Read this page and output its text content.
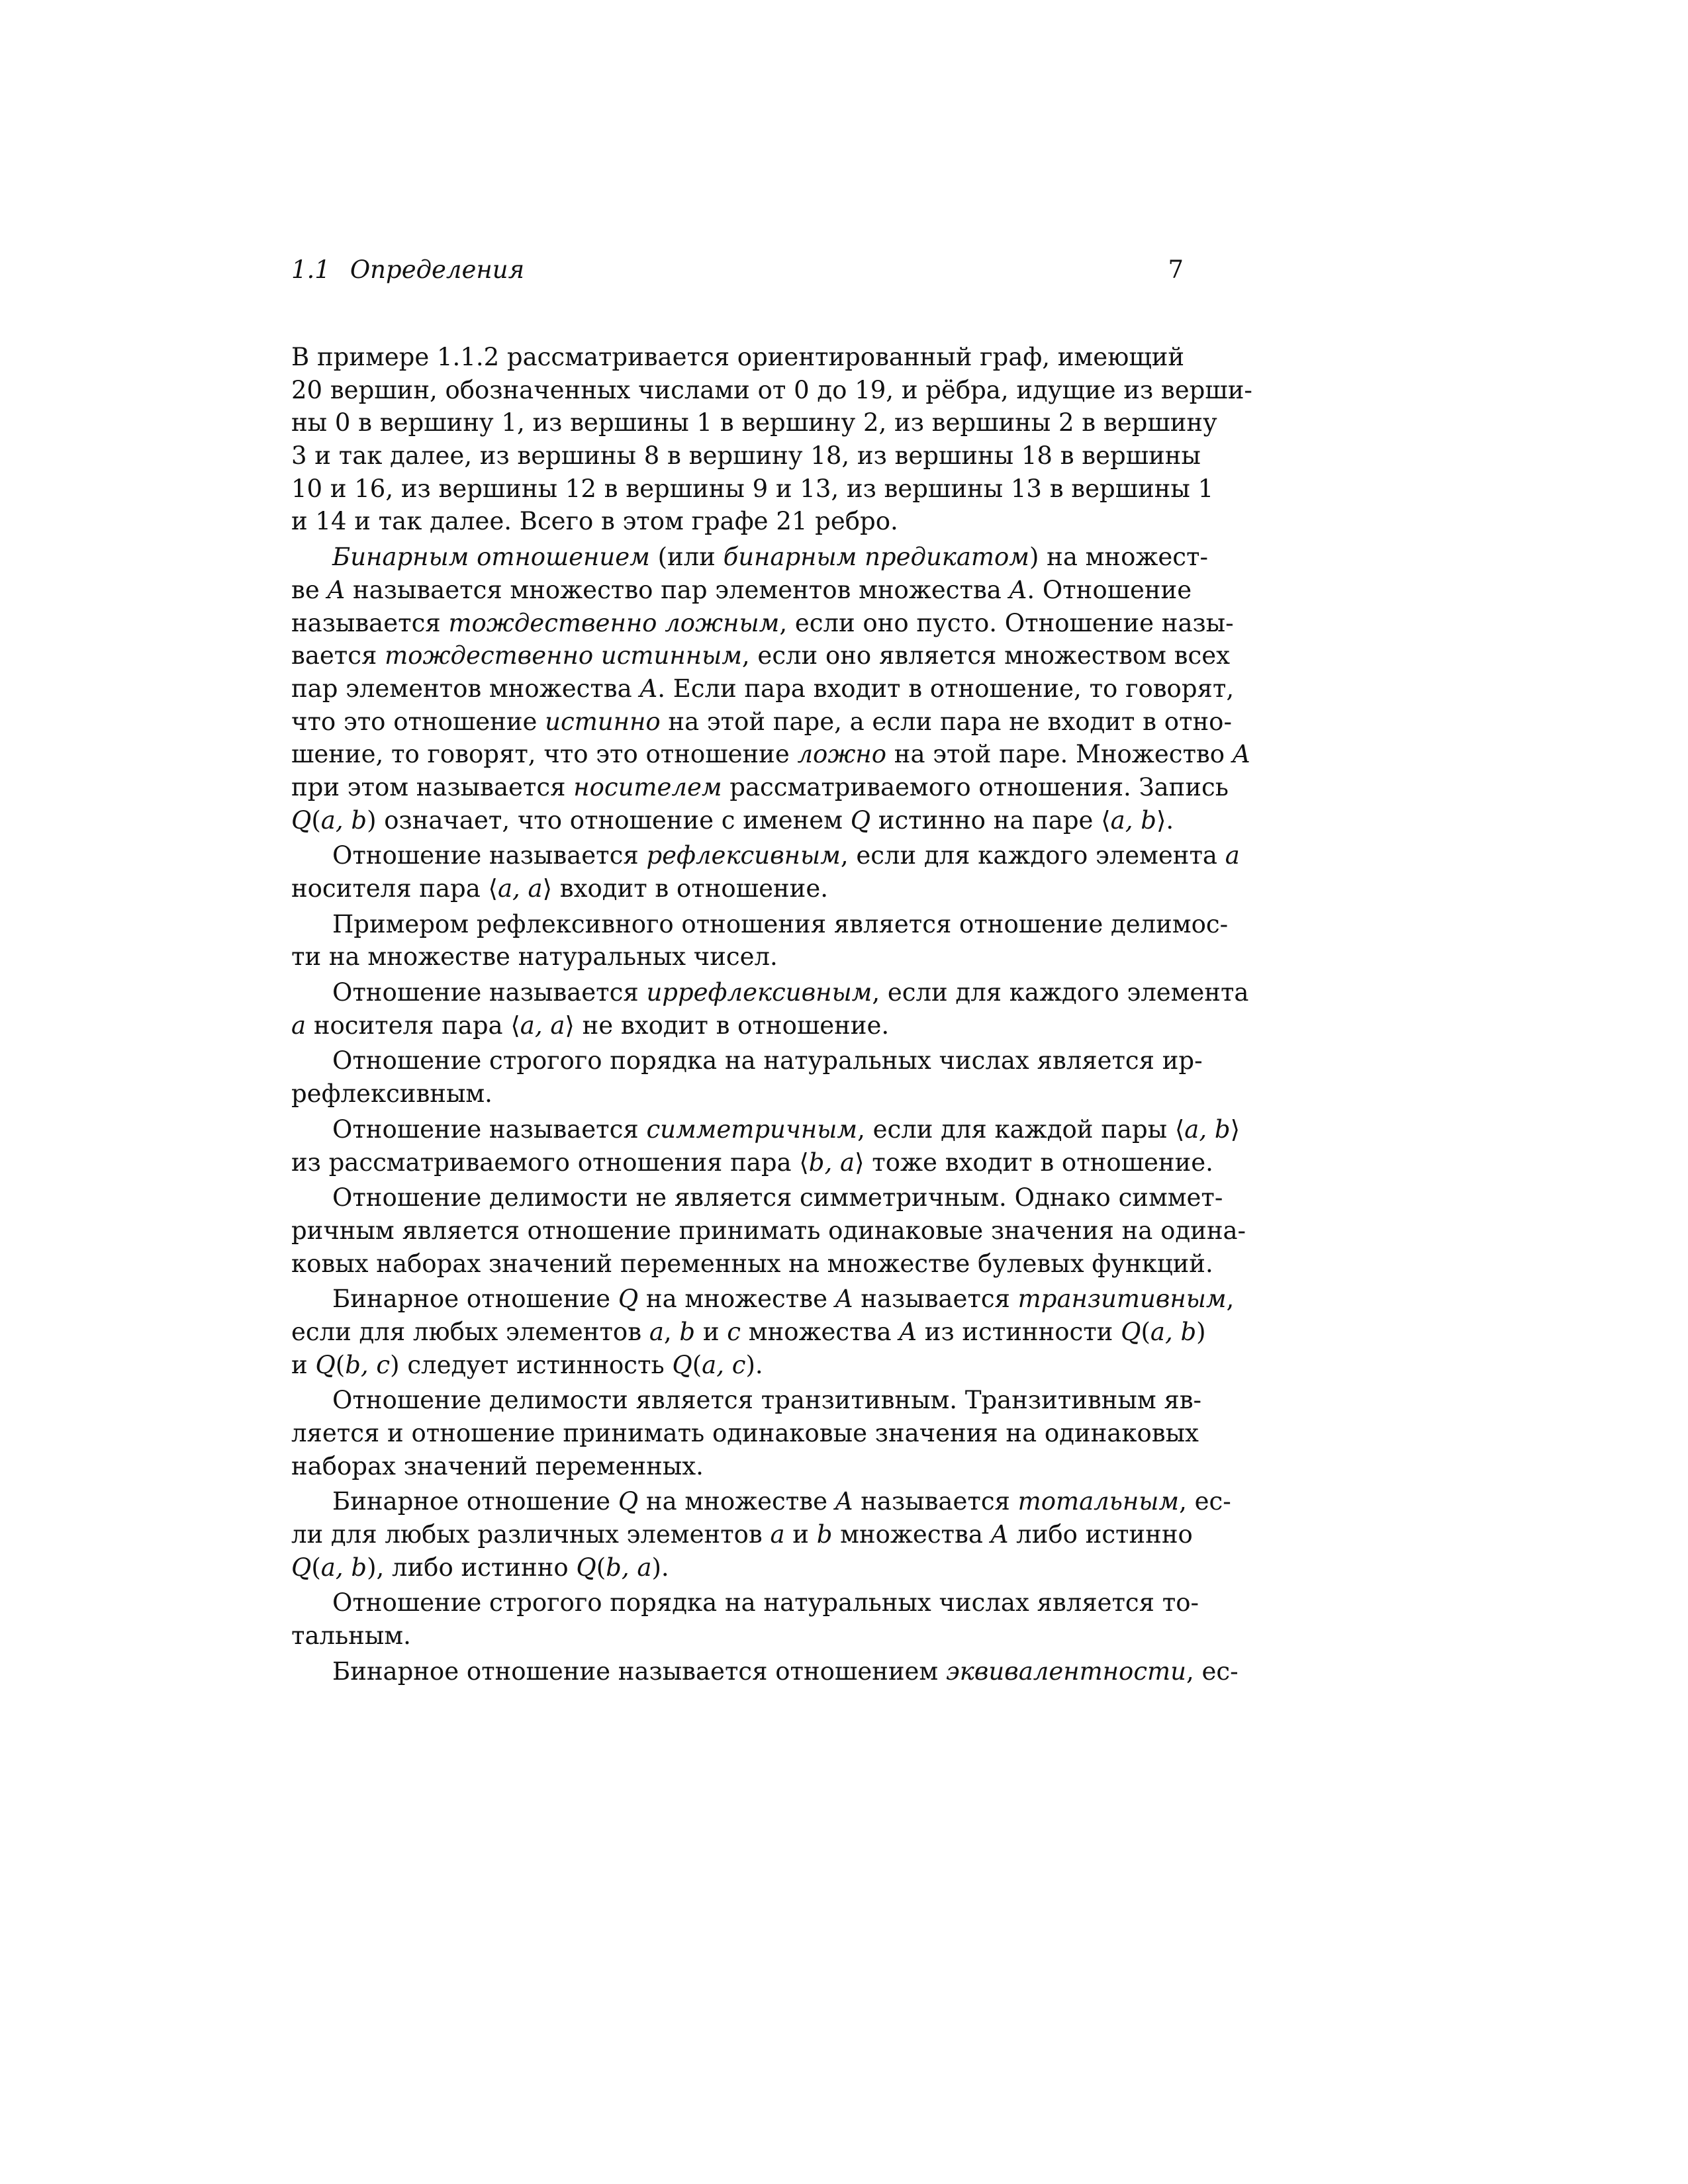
1.1 Определения	7
В примере 1.1.2 рассматривается ориентированный граф, имеющий
20 вершин, обозначенных числами от 0 до 19, и рёбра, идущие из верши-
ны 0 в вершину 1, из вершины 1 в вершину 2, из вершины 2 в вершину
3 и так далее, из вершины 8 в вершину 18, из вершины 18 в вершины
10 и 16, из вершины 12 в вершины 9 и 13, из вершины 13 в вершины 1
и 14 и так далее. Всего в этом графе 21 ребро.
Бинарным отношением (или бинарным предикатом) на множест-
ве A называется множество пар элементов множества A. Отношение
называется тождественно ложным, если оно пусто. Отношение назы-
вается тождественно истинным, если оно является множеством всех
пар элементов множества A. Если пара входит в отношение, то говорят,
что это отношение истинно на этой паре, а если пара не входит в отно-
шение, то говорят, что это отношение ложно на этой паре. Множество A
при этом называется носителем рассматриваемого отношения. Запись
Q(a, b) означает, что отношение с именем Q истинно на паре ⟨a, b⟩.
Отношение называется рефлексивным, если для каждого элемента a
носителя пара ⟨a, a⟩ входит в отношение.
Примером рефлексивного отношения является отношение делимос-
ти на множестве натуральных чисел.
Отношение называется иррефлексивным, если для каждого элемента
a носителя пара ⟨a, a⟩ не входит в отношение.
Отношение строгого порядка на натуральных числах является ир-
рефлексивным.
Отношение называется симметричным, если для каждой пары ⟨a, b⟩
из рассматриваемого отношения пара ⟨b, a⟩ тоже входит в отношение.
Отношение делимости не является симметричным. Однако симмет-
ричным является отношение принимать одинаковые значения на одина-
ковых наборах значений переменных на множестве булевых функций.
Бинарное отношение Q на множестве A называется транзитивным,
если для любых элементов a, b и c множества A из истинности Q(a, b)
и Q(b, c) следует истинность Q(a, c).
Отношение делимости является транзитивным. Транзитивным яв-
ляется и отношение принимать одинаковые значения на одинаковых
наборах значений переменных.
Бинарное отношение Q на множестве A называется тотальным, ес-
ли для любых различных элементов a и b множества A либо истинно
Q(a, b), либо истинно Q(b, a).
Отношение строгого порядка на натуральных числах является то-
тальным.
Бинарное отношение называется отношением эквивалентности, ес-
